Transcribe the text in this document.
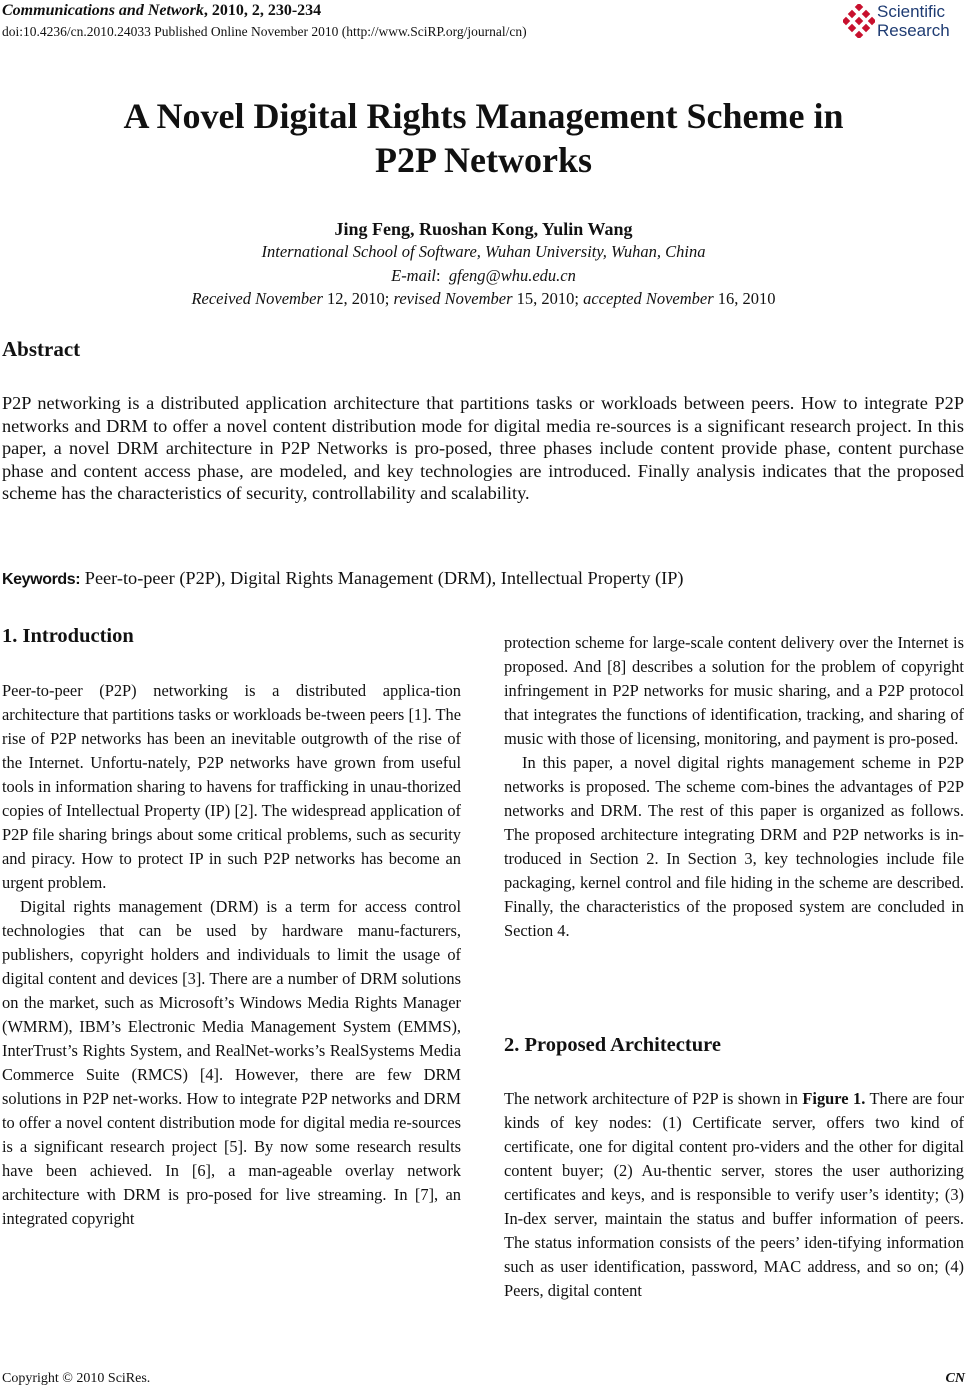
Communications and Network, 2010, 2, 230-234
doi:10.4236/cn.2010.24033 Published Online November 2010 (http://www.SciRP.org/journal/cn)
Scientific
Research
A Novel Digital Rights Management Scheme in
P2P Networks
Jing Feng, Ruoshan Kong, Yulin Wang
International School of Software, Wuhan University, Wuhan, China
E-mail:  gfeng@whu.edu.cn
Received November 12, 2010; revised November 15, 2010; accepted November 16, 2010
Abstract
P2P networking is a distributed application architecture that partitions tasks or workloads between peers. How to integrate P2P networks and DRM to offer a novel content distribution mode for digital media re-sources is a significant research project. In this paper, a novel DRM architecture in P2P Networks is pro-posed, three phases include content provide phase, content purchase phase and content access phase, are modeled, and key technologies are introduced. Finally analysis indicates that the proposed scheme has the characteristics of security, controllability and scalability.
Keywords: Peer-to-peer (P2P), Digital Rights Management (DRM), Intellectual Property (IP)
1. Introduction

Peer-to-peer (P2P) networking is a distributed applica-tion architecture that partitions tasks or workloads be-tween peers [1]. The rise of P2P networks has been an inevitable outgrowth of the rise of the Internet. Unfortu-nately, P2P networks have grown from useful tools in information sharing to havens for trafficking in unau-thorized copies of Intellectual Property (IP) [2]. The widespread application of P2P file sharing brings about some critical problems, such as security and piracy. How to protect IP in such P2P networks has become an urgent problem.

Digital rights management (DRM) is a term for access control technologies that can be used by hardware manu-facturers, publishers, copyright holders and individuals to limit the usage of digital content and devices [3]. There are a number of DRM solutions on the market, such as Microsoft’s Windows Media Rights Manager (WMRM), IBM’s Electronic Media Management System (EMMS), InterTrust’s Rights System, and RealNet-works’s RealSystems Media Commerce Suite (RMCS) [4]. However, there are few DRM solutions in P2P net-works. How to integrate P2P networks and DRM to offer a novel content distribution mode for digital media re-sources is a significant research project [5]. By now some research results have been achieved. In [6], a man-ageable overlay network architecture with DRM is pro-posed for live streaming. In [7], an integrated copyright

protection scheme for large-scale content delivery over the Internet is proposed. And [8] describes a solution for the problem of copyright infringement in P2P networks for music sharing, and a P2P protocol that integrates the functions of identification, tracking, and sharing of music with those of licensing, monitoring, and payment is pro-posed.

In this paper, a novel digital rights management scheme in P2P networks is proposed. The scheme com-bines the advantages of P2P networks and DRM. The rest of this paper is organized as follows. The proposed architecture integrating DRM and P2P networks is in-troduced in Section 2. In Section 3, key technologies include file packaging, kernel control and file hiding in the scheme are described. Finally, the characteristics of the proposed system are concluded in Section 4.

2. Proposed Architecture

The network architecture of P2P is shown in Figure 1. There are four kinds of key nodes: (1) Certificate server, offers two kind of certificate, one for digital content pro-viders and the other for digital content buyer; (2) Au-thentic server, stores the user authorizing certificates and keys, and is responsible to verify user’s identity; (3) In-dex server, maintain the status and buffer information of peers. The status information consists of the peers’ iden-tifying information such as user identification, password, MAC address, and so on; (4) Peers, digital content

Copyright © 2010 SciRes.	CN
